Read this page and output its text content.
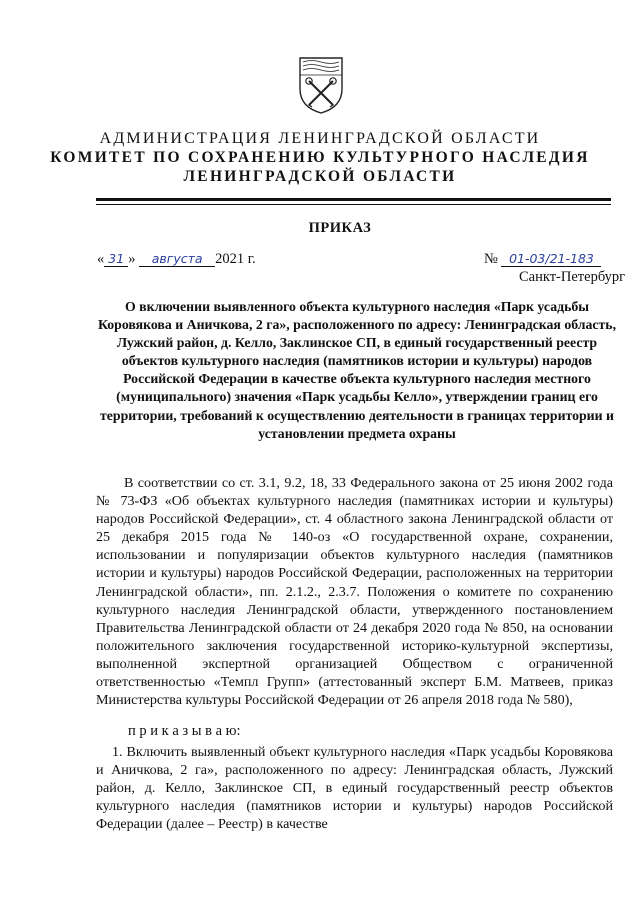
АДМИНИСТРАЦИЯ ЛЕНИНГРАДСКОЙ ОБЛАСТИ
КОМИТЕТ ПО СОХРАНЕНИЮ КУЛЬТУРНОГО НАСЛЕДИЯ
ЛЕНИНГРАДСКОЙ ОБЛАСТИ
ПРИКАЗ
« 31 » августа 2021 г.	№ 01-03/21-183
Санкт-Петербург
О включении выявленного объекта культурного наследия «Парк усадьбы Коровякова и Аничкова, 2 га», расположенного по адресу: Ленинградская область, Лужский район, д. Келло, Заклинское СП, в единый государственный реестр объектов культурного наследия (памятников истории и культуры) народов Российской Федерации в качестве объекта культурного наследия местного (муниципального) значения «Парк усадьбы Келло», утверждении границ его территории, требований к осуществлению деятельности в границах территории и установлении предмета охраны
В соответствии со ст. 3.1, 9.2, 18, 33 Федерального закона от 25 июня 2002 года № 73-ФЗ «Об объектах культурного наследия (памятниках истории и культуры) народов Российской Федерации», ст. 4 областного закона Ленинградской области от 25 декабря 2015 года № 140-оз «О государственной охране, сохранении, использовании и популяризации объектов культурного наследия (памятников истории и культуры) народов Российской Федерации, расположенных на территории Ленинградской области», пп. 2.1.2., 2.3.7. Положения о комитете по сохранению культурного наследия Ленинградской области, утвержденного постановлением Правительства Ленинградской области от 24 декабря 2020 года № 850, на основании положительного заключения государственной историко-культурной экспертизы, выполненной экспертной организацией Обществом с ограниченной ответственностью «Темпл Групп» (аттестованный эксперт Б.М. Матвеев, приказ Министерства культуры Российской Федерации от 26 апреля 2018 года № 580),
п р и к а з ы в а ю:
1. Включить выявленный объект культурного наследия «Парк усадьбы Коровякова и Аничкова, 2 га», расположенного по адресу: Ленинградская область, Лужский район, д. Келло, Заклинское СП, в единый государственный реестр объектов культурного наследия (памятников истории и культуры) народов Российской Федерации (далее – Реестр) в качестве
